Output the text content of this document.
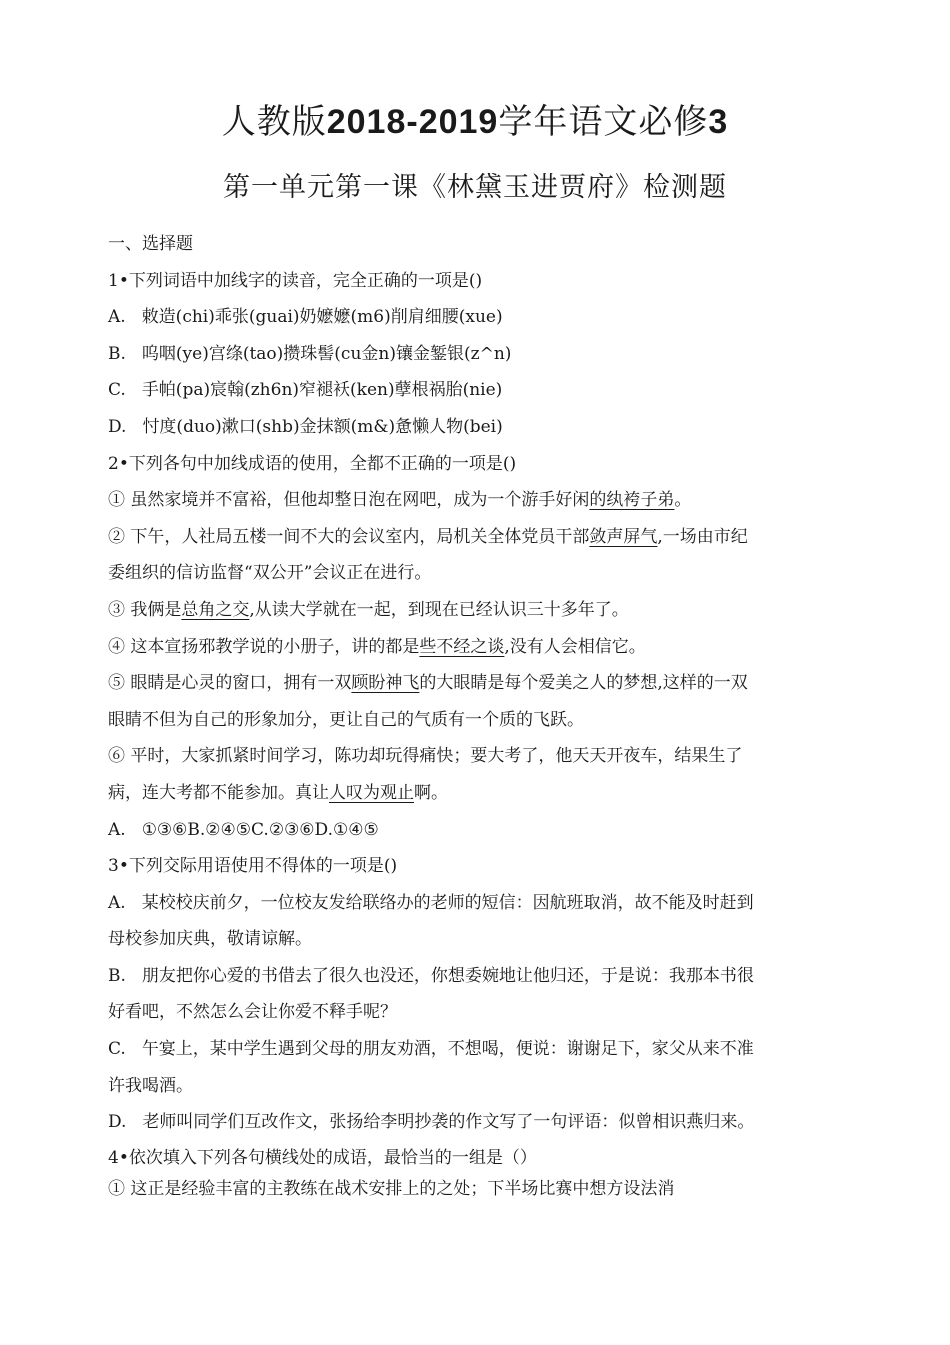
人教版2018-2019学年语文必修3
第一单元第一课《林黛玉进贾府》检测题
一、选择题
1•下列词语中加线字的读音，完全正确的一项是()
A. 敕造(chi)乖张(guai)奶嬷嬷(m6)削肩细腰(xue)
B. 呜咽(ye)宫绦(tao)攒珠髻(cu金n)镶金錾银(z^n)
C. 手帕(pa)宸翰(zh6n)窄褪袄(ken)孽根祸胎(nie)
D. 忖度(duo)漱口(shb)金抹额(m&)惫懒人物(bei)
2•下列各句中加线成语的使用，全都不正确的一项是()
① 虽然家境并不富裕，但他却整日泡在网吧，成为一个游手好闲的纨袴子弟。
② 下午，人社局五楼一间不大的会议室内，局机关全体党员干部敛声屏气,一场由市纪
委组织的信访监督“双公开”会议正在进行。
③ 我俩是总角之交,从读大学就在一起，到现在已经认识三十多年了。
④ 这本宣扬邪教学说的小册子，讲的都是些不经之谈,没有人会相信它。
⑤ 眼睛是心灵的窗口，拥有一双顾盼神飞的大眼睛是每个爱美之人的梦想,这样的一双
眼睛不但为自己的形象加分，更让自己的气质有一个质的飞跃。
⑥ 平时，大家抓紧时间学习，陈功却玩得痛快；要大考了，他天天开夜车，结果生了
病，连大考都不能参加。真让人叹为观止啊。
A. ①③⑥B.②④⑤C.②③⑥D.①④⑤
3•下列交际用语使用不得体的一项是()
A. 某校校庆前夕，一位校友发给联络办的老师的短信：因航班取消，故不能及时赶到
母校参加庆典，敬请谅解。
B. 朋友把你心爱的书借去了很久也没还，你想委婉地让他归还，于是说：我那本书很
好看吧，不然怎么会让你爱不释手呢？
C. 午宴上，某中学生遇到父母的朋友劝酒，不想喝，便说：谢谢足下，家父从来不准
许我喝酒。
D. 老师叫同学们互改作文，张扬给李明抄袭的作文写了一句评语：似曾相识燕归来。
4•依次填入下列各句横线处的成语，最恰当的一组是（）
① 这正是经验丰富的主教练在战术安排上的之处；下半场比赛中想方设法消
